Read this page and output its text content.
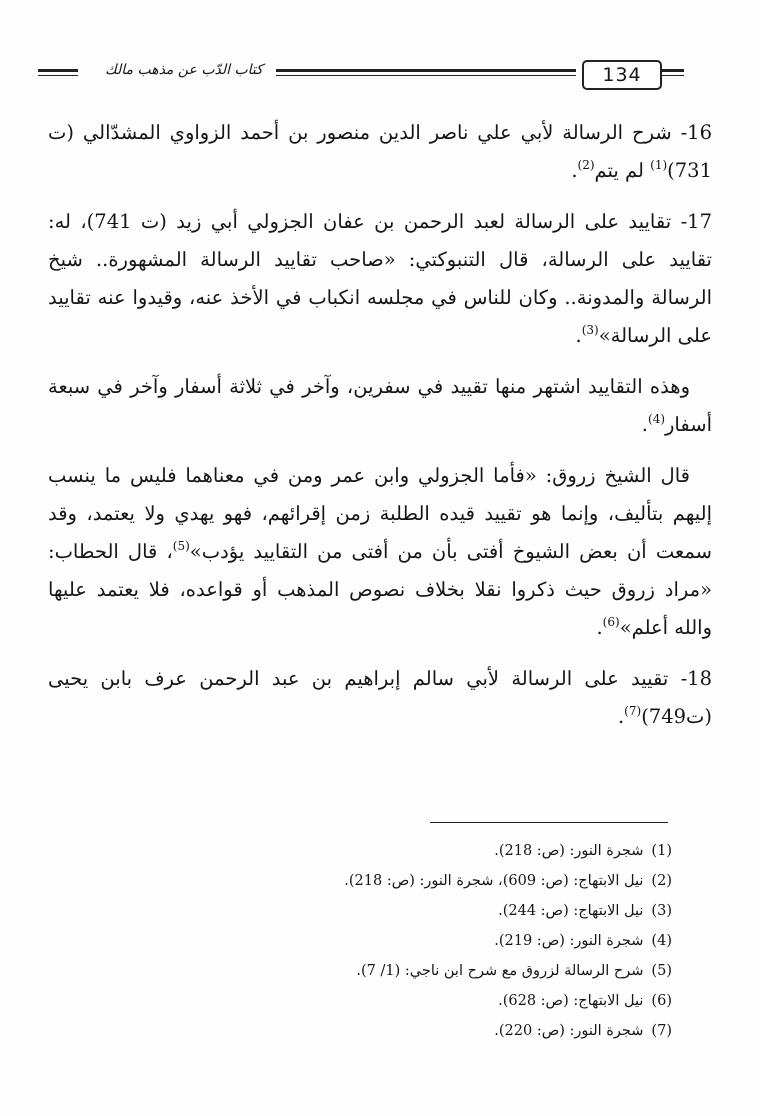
كتاب الدّب عن مذهب مالك	134

16- شرح الرسالة لأبي علي ناصر الدين منصور بن أحمد الزواوي المشدّالي (ت 731)$^{(1)}$ لم يتم$^{(2)}$.

17- تقاييد على الرسالة لعبد الرحمن بن عفان الجزولي أبي زيد (ت 741)، له: تقاييد على الرسالة، قال التنبوكتي: «صاحب تقاييد الرسالة المشهورة.. شيخ الرسالة والمدونة.. وكان للناس في مجلسه انكباب في الأخذ عنه، وقيدوا عنه تقاييد على الرسالة»$^{(3)}$.

وهذه التقاييد اشتهر منها تقييد في سفرين، وآخر في ثلاثة أسفار وآخر في سبعة أسفار$^{(4)}$.

قال الشيخ زروق: «فأما الجزولي وابن عمر ومن في معناهما فليس ما ينسب إليهم بتأليف، وإنما هو تقييد قيده الطلبة زمن إقرائهم، فهو يهدي ولا يعتمد، وقد سمعت أن بعض الشيوخ أفتى بأن من أفتى من التقاييد يؤدب»$^{(5)}$، قال الحطاب: «مراد زروق حيث ذكروا نقلا بخلاف نصوص المذهب أو قواعده، فلا يعتمد عليها والله أعلم»$^{(6)}$.

18- تقييد على الرسالة لأبي سالم إبراهيم بن عبد الرحمن عرف بابن يحيى (ت749)$^{(7)}$.

(1)شجرة النور: (ص: 218).
(2)نيل الابتهاج: (ص: 609)، شجرة النور: (ص: 218).
(3)نيل الابتهاج: (ص: 244).
(4)شجرة النور: (ص: 219).
(5)شرح الرسالة لزروق مع شرح ابن ناجي: (1/ 7).
(6)نيل الابتهاج: (ص: 628).
(7)شجرة النور: (ص: 220).
